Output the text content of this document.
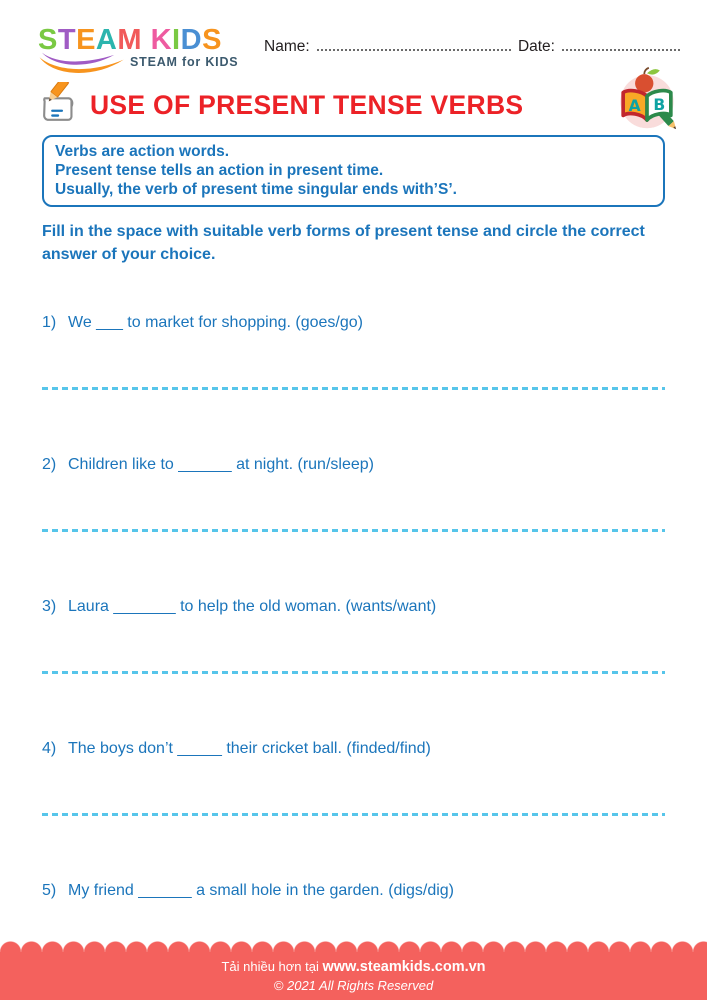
STEAM KIDS
STEAM for KIDS
Name:	Date:
USE OF PRESENT TENSE VERBS	A B
Verbs are action words.
Present tense tells an action in present time.
Usually, the verb of present time singular ends with’S’.
Fill in the space with suitable verb forms of present tense and circle the correct answer of your choice.
1) We ___ to market for shopping. (goes/go)
2) Children like to ______ at night. (run/sleep)
3) Laura _______ to help the old woman. (wants/want)
4) The boys don’t _____ their cricket ball. (finded/find)
5) My friend ______ a small hole in the garden. (digs/dig)
Tải nhiều hơn tại www.steamkids.com.vn
© 2021 All Rights Reserved
